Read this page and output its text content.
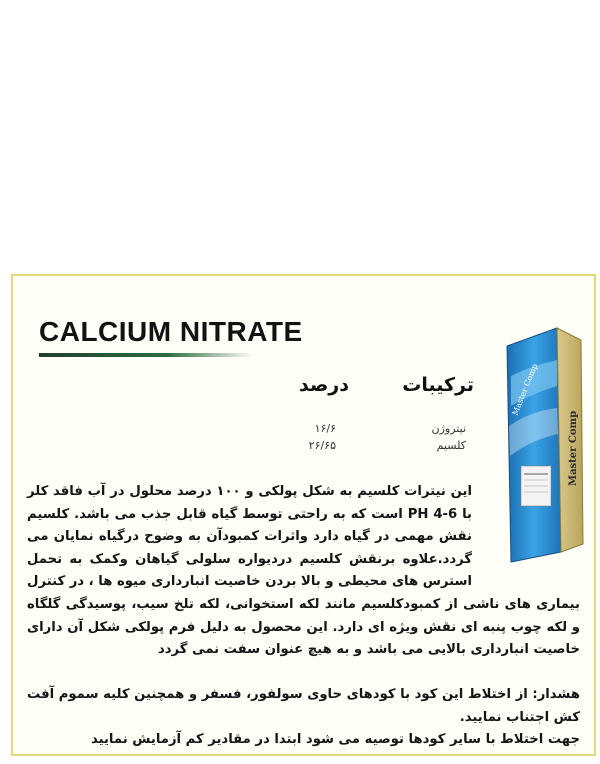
CALCIUM NITRATE
ترکیبات
درصد
نیتروژن
۱۶/۶
کلسیم
۲۶/۶۵
این نیترات کلسیم به شکل پولکی و ۱۰۰ درصد محلول در آب فاقد کلر با PH 4-6 است که به راحتی توسط گیاه قابل جذب می باشد. کلسیم نقش مهمی در گیاه دارد واثرات کمبودآن به وضوح درگیاه نمایان می گردد.علاوه برنقش کلسیم دردیواره سلولی گیاهان وکمک به تحمل استرس های محیطی و بالا بردن خاصیت انبارداری میوه ها ، در کنترل
بیماری های ناشی از کمبودکلسیم مانند لکه استخوانی، لکه تلخ سیب، پوسیدگی گلگاه و لکه چوب پنبه ای نقش ویژه ای دارد. این محصول به دلیل فرم پولکی شکل آن دارای خاصیت انبارداری بالایی می باشد و به هیچ عنوان سفت نمی گردد
هشدار: از اختلاط این کود با کودهای حاوی سولفور، فسفر و همچنین کلیه سموم آفت کش اجتناب نمایید.
جهت اختلاط با سایر کودها توصیه می شود ابتدا در مقادیر کم آزمایش نمایید
Master Comp
Master Comp
